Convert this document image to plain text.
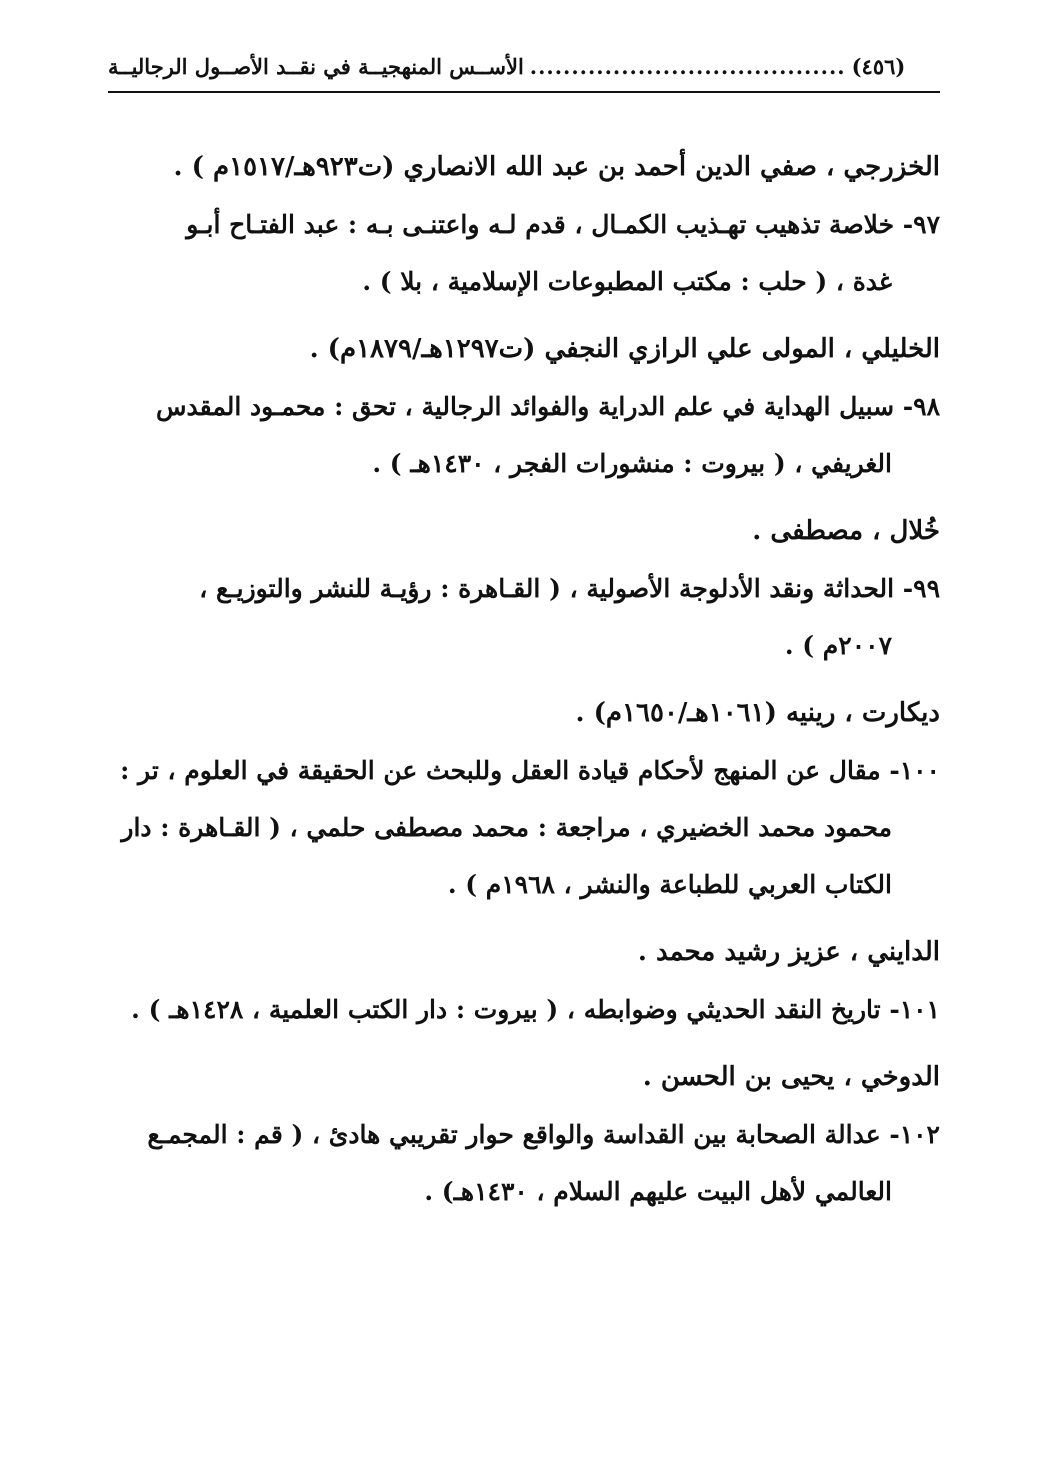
(٤٥٦)
......................................
الأســس المنهجيــة في نقــد الأصــول الرجاليــة

الخزرجي ، صفي الدين أحمد بن عبد الله الانصاري (ت٩٢٣هـ/١٥١٧م ) .

٩٧- خلاصة تذهيب تهـذيب الكمـال ، قدم لـه واعتنـى بـه : عبد الفتـاح أبـو
غدة ، ( حلب : مكتب المطبوعات الإسلامية ، بلا ) .

الخليلي ، المولى علي الرازي النجفي (ت١٢٩٧هـ/١٨٧٩م) .

٩٨- سبيل الهداية في علم الدراية والفوائد الرجالية ، تحق : محمـود المقدس
الغريفي ، ( بيروت : منشورات الفجر ، ١٤٣٠هـ ) .

خُلال ، مصطفى .

٩٩- الحداثة ونقد الأدلوجة الأصولية ، ( القـاهرة : رؤيـة للنشر والتوزيـع ،
٢٠٠٧م ) .

ديكارت ، رينيه (١٠٦١هـ/١٦٥٠م) .

١٠٠- مقال عن المنهج لأحكام قيادة العقل وللبحث عن الحقيقة في العلوم ، تر :
محمود محمد الخضيري ، مراجعة : محمد مصطفى حلمي ، ( القـاهرة : دار
الكتاب العربي للطباعة والنشر ، ١٩٦٨م ) .

الدايني ، عزيز رشيد محمد .

١٠١- تاريخ النقد الحديثي وضوابطه ، ( بيروت : دار الكتب العلمية ، ١٤٢٨هـ ) .

الدوخي ، يحيى بن الحسن .

١٠٢- عدالة الصحابة بين القداسة والواقع حوار تقريبي هادئ ، ( قم : المجمـع
العالمي لأهل البيت عليهم السلام ، ١٤٣٠هـ) .
